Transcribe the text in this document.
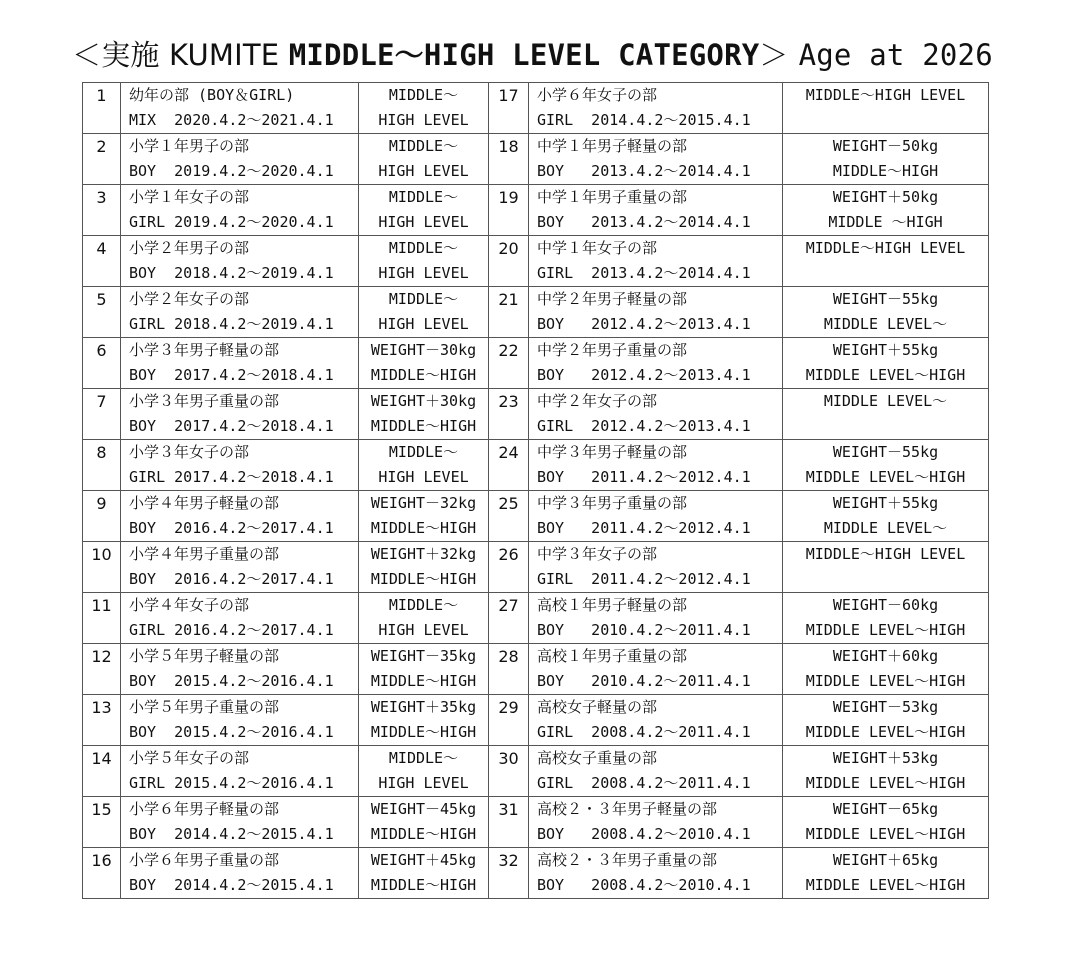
＜実施 KUMITE MIDDLE～HIGH LEVEL CATEGORY＞ Age at 2026
1	幼年の部 (BOY＆GIRL)
MIX  2020.4.2～2021.4.1	MIDDLE～
HIGH LEVEL	17	小学６年女子の部
GIRL  2014.4.2～2015.4.1	MIDDLE～HIGH LEVEL

2	小学１年男子の部
BOY  2019.4.2～2020.4.1	MIDDLE～
HIGH LEVEL	18	中学１年男子軽量の部
BOY   2013.4.2～2014.4.1	WEIGHT－50kg
MIDDLE～HIGH

3	小学１年女子の部
GIRL 2019.4.2～2020.4.1	MIDDLE～
HIGH LEVEL	19	中学１年男子重量の部
BOY   2013.4.2～2014.4.1	WEIGHT＋50kg
MIDDLE ～HIGH

4	小学２年男子の部
BOY  2018.4.2～2019.4.1	MIDDLE～
HIGH LEVEL	20	中学１年女子の部
GIRL  2013.4.2～2014.4.1	MIDDLE～HIGH LEVEL

5	小学２年女子の部
GIRL 2018.4.2～2019.4.1	MIDDLE～
HIGH LEVEL	21	中学２年男子軽量の部
BOY   2012.4.2～2013.4.1	WEIGHT－55kg
MIDDLE LEVEL～

6	小学３年男子軽量の部
BOY  2017.4.2～2018.4.1	WEIGHT－30kg
MIDDLE～HIGH	22	中学２年男子重量の部
BOY   2012.4.2～2013.4.1	WEIGHT＋55kg
MIDDLE LEVEL～HIGH

7	小学３年男子重量の部
BOY  2017.4.2～2018.4.1	WEIGHT＋30kg
MIDDLE～HIGH	23	中学２年女子の部
GIRL  2012.4.2～2013.4.1	MIDDLE LEVEL～

8	小学３年女子の部
GIRL 2017.4.2～2018.4.1	MIDDLE～
HIGH LEVEL	24	中学３年男子軽量の部
BOY   2011.4.2～2012.4.1	WEIGHT－55kg
MIDDLE LEVEL～HIGH

9	小学４年男子軽量の部
BOY  2016.4.2～2017.4.1	WEIGHT－32kg
MIDDLE～HIGH	25	中学３年男子重量の部
BOY   2011.4.2～2012.4.1	WEIGHT＋55kg
MIDDLE LEVEL～

10	小学４年男子重量の部
BOY  2016.4.2～2017.4.1	WEIGHT＋32kg
MIDDLE～HIGH	26	中学３年女子の部
GIRL  2011.4.2～2012.4.1	MIDDLE～HIGH LEVEL

11	小学４年女子の部
GIRL 2016.4.2～2017.4.1	MIDDLE～
HIGH LEVEL	27	高校１年男子軽量の部
BOY   2010.4.2～2011.4.1	WEIGHT－60kg
MIDDLE LEVEL～HIGH

12	小学５年男子軽量の部
BOY  2015.4.2～2016.4.1	WEIGHT－35kg
MIDDLE～HIGH	28	高校１年男子重量の部
BOY   2010.4.2～2011.4.1	WEIGHT＋60kg
MIDDLE LEVEL～HIGH

13	小学５年男子重量の部
BOY  2015.4.2～2016.4.1	WEIGHT＋35kg
MIDDLE～HIGH	29	高校女子軽量の部
GIRL  2008.4.2～2011.4.1	WEIGHT－53kg
MIDDLE LEVEL～HIGH

14	小学５年女子の部
GIRL 2015.4.2～2016.4.1	MIDDLE～
HIGH LEVEL	30	高校女子重量の部
GIRL  2008.4.2～2011.4.1	WEIGHT＋53kg
MIDDLE LEVEL～HIGH

15	小学６年男子軽量の部
BOY  2014.4.2～2015.4.1	WEIGHT－45kg
MIDDLE～HIGH	31	高校２・３年男子軽量の部
BOY   2008.4.2～2010.4.1	WEIGHT－65kg
MIDDLE LEVEL～HIGH

16	小学６年男子重量の部
BOY  2014.4.2～2015.4.1	WEIGHT＋45kg
MIDDLE～HIGH	32	高校２・３年男子重量の部
BOY   2008.4.2～2010.4.1	WEIGHT＋65kg
MIDDLE LEVEL～HIGH
